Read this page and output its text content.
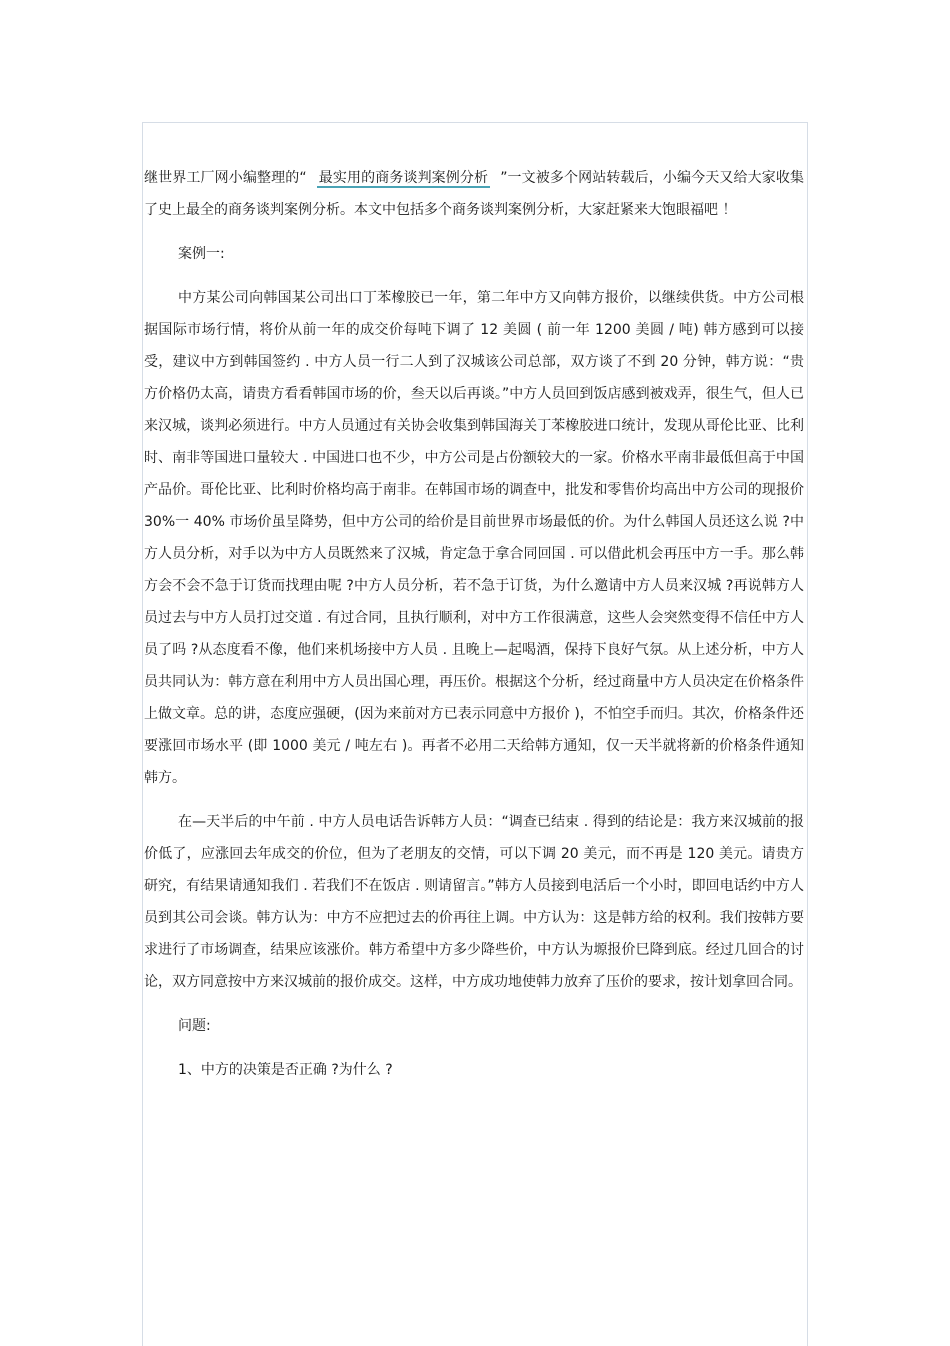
继世界工厂网小编整理的“ 最实用的商务谈判案例分析 ”一文被多个网站转载后，小编今天又给大家收集了史上最全的商务谈判案例分析。本文中包括多个商务谈判案例分析，大家赶紧来大饱眼福吧 ！

案例一:

中方某公司向韩国某公司出口丁苯橡胶已一年，第二年中方又向韩方报价，以继续供货。中方公司根据国际市场行情，将价从前一年的成交价每吨下调了 12 美圆 ( 前一年 1200 美圆 / 吨) 韩方感到可以接受，建议中方到韩国签约 . 中方人员一行二人到了汉城该公司总部，双方谈了不到 20 分钟，韩方说：“贵方价格仍太高，请贵方看看韩国市场的价，叁天以后再谈。”中方人员回到饭店感到被戏弄，很生气，但人已来汉城，谈判必须进行。中方人员通过有关协会收集到韩国海关丁苯橡胶进口统计，发现从哥伦比亚、比利时、南非等国进口量较大 . 中国进口也不少，中方公司是占份额较大的一家。价格水平南非最低但高于中国产品价。哥伦比亚、比利时价格均高于南非。在韩国市场的调查中，批发和零售价均高出中方公司的现报价 30%一 40% 市场价虽呈降势，但中方公司的给价是目前世界市场最低的价。为什么韩国人员还这么说 ?中方人员分析，对手以为中方人员既然来了汉城，肯定急于拿合同回国 . 可以借此机会再压中方一手。那么韩方会不会不急于订货而找理由呢 ?中方人员分析，若不急于订货，为什么邀请中方人员来汉城 ?再说韩方人员过去与中方人员打过交道 . 有过合同，且执行顺利，对中方工作很满意，这些人会突然变得不信任中方人员了吗 ?从态度看不像，他们来机场接中方人员 . 且晚上—起喝酒，保持下良好气氛。从上述分析，中方人员共同认为：韩方意在利用中方人员出国心理，再压价。根据这个分析，经过商量中方人员决定在价格条件上做文章。总的讲，态度应强硬，(因为来前对方已表示同意中方报价 )，不怕空手而归。其次，价格条件还要涨回市场水平 (即 1000 美元 / 吨左右 )。再者不必用二天给韩方通知，仅一天半就将新的价格条件通知韩方。

在—天半后的中午前 . 中方人员电话告诉韩方人员：“调查已结束 . 得到的结论是：我方来汉城前的报价低了，应涨回去年成交的价位，但为了老朋友的交情，可以下调 20 美元，而不再是 120 美元。请贵方研究，有结果请通知我们 . 若我们不在饭店 . 则请留言。”韩方人员接到电活后一个小时，即回电话约中方人员到其公司会谈。韩方认为：中方不应把过去的价再往上调。中方认为：这是韩方给的权利。我们按韩方要求进行了市场调查，结果应该涨价。韩方希望中方多少降些价，中方认为塬报价巳降到底。经过几回合的讨论，双方同意按中方来汉城前的报价成交。这样，中方成功地使韩力放弃了压价的要求，按计划拿回合同。

问题:

1、中方的决策是否正确 ?为什么 ?
